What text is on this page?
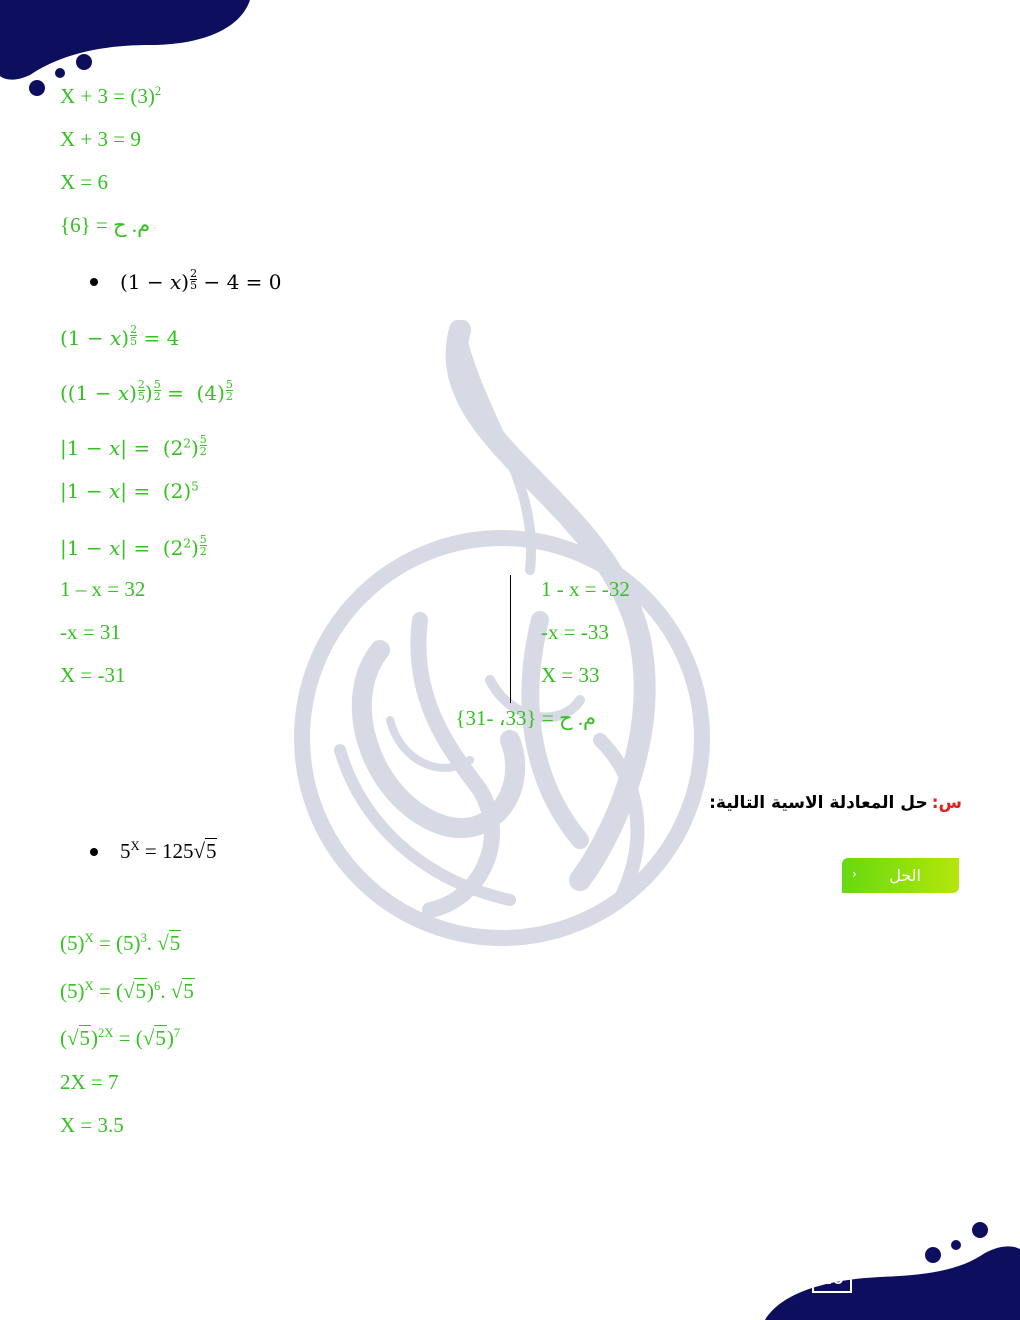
10
$X + 3 = (3)^2$
X + 3 = 9
X = 6
{6} = م. ح
$(1 - x) \frac{2}{5} - 4 = 0$
$(1 - x) \frac{2}{5} = 4$
($(1 - x) \frac{2}{5}$ ) $\frac{5}{2} = (4) \frac{5}{2}$
$|1 - x| = (2^2) \frac{5}{2}$
$|1 - x| = (2)^5$
$|1 - x| = (2^2) \frac{5}{2}$
1 – x = 32
-x = 31
X = -31
1 - x = -32
-x = -33
X = 33
م. ح = {33، -31}
س: حل المعادلة الاسية التالية:
› الحل
$5^X = 125√5$
$(5)^X = (5)^3$. √5
$(5)^X = (√5)^6$. √5
$(√5)^{2X} = (√5)^7$
2X = 7
X = 3.5
